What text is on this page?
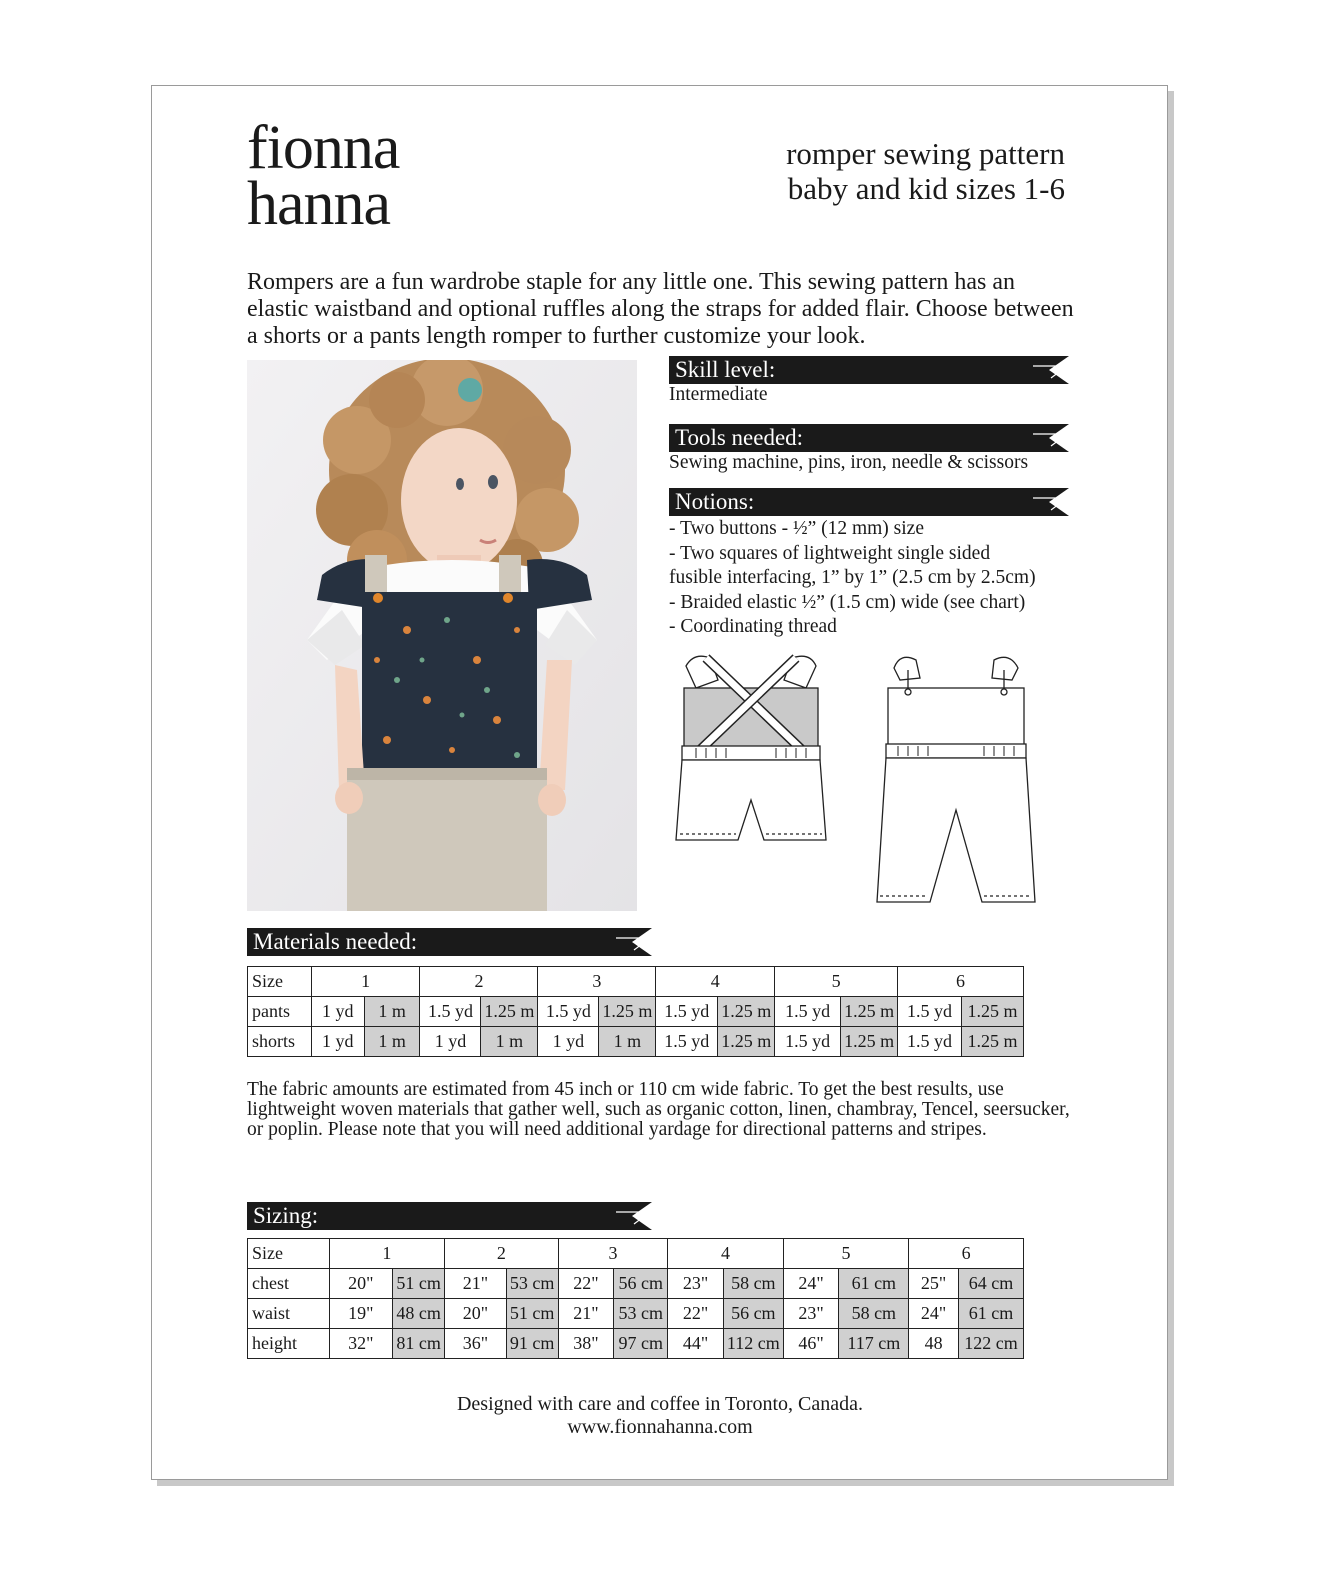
fionna
hanna
romper sewing pattern
baby and kid sizes 1-6
Rompers are a fun wardrobe staple for any little one. This sewing pattern has an elastic waistband and optional ruffles along the straps for added flair. Choose between a shorts or a pants length romper to further customize your look.
Skill level:
Intermediate
Tools needed:
Sewing machine, pins, iron, needle & scissors
Notions:
- Two buttons - ½” (12 mm) size
- Two squares of lightweight single sided
fusible interfacing, 1” by 1” (2.5 cm by 2.5cm)
- Braided elastic ½” (1.5 cm) wide (see chart)
- Coordinating thread
Materials needed:
Size	1		2		3		4		5		6	
pants	1 yd	1 m	1.5 yd	1.25 m	1.5 yd	1.25 m	1.5 yd	1.25 m	1.5 yd	1.25 m	1.5 yd	1.25 m
shorts	1 yd	1 m	1 yd	1 m	1 yd	1 m	1.5 yd	1.25 m	1.5 yd	1.25 m	1.5 yd	1.25 m
The fabric amounts are estimated from 45 inch or 110 cm wide fabric. To get the best results, use lightweight woven materials that gather well, such as organic cotton, linen, chambray, Tencel, seersucker, or poplin. Please note that you will need additional yardage for directional patterns and stripes.
Sizing:
Size	1		2		3		4		5		6	
chest	20"	51 cm	21"	53 cm	22"	56 cm	23"	58 cm	24"	61 cm	25"	64 cm
waist	19"	48 cm	20"	51 cm	21"	53 cm	22"	56 cm	23"	58 cm	24"	61 cm
height	32"	81 cm	36"	91 cm	38"	97 cm	44"	112 cm	46"	117 cm	48	122 cm
Designed with care and coffee in Toronto, Canada.
www.fionnahanna.com
